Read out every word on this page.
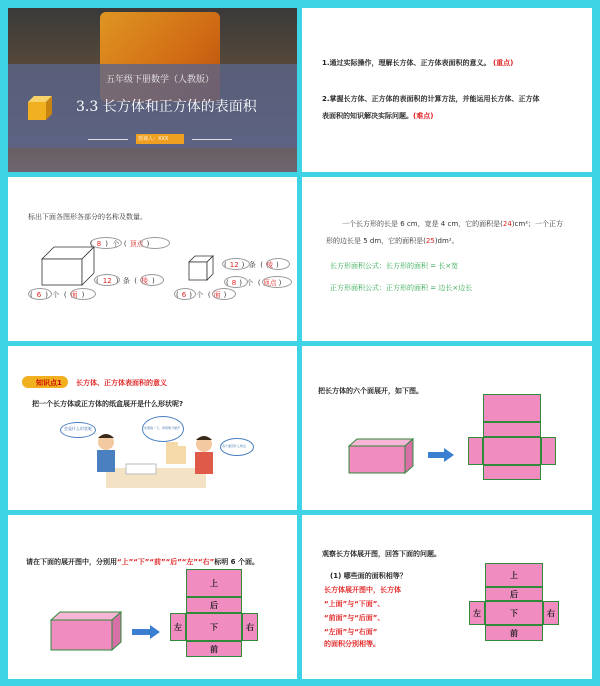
五年级下册数学（人教版）
3.3 长方体和正方体的表面积
授课人：XXX
1.通过实际操作，理解长方体、正方体表面积的意义。 (重点)
2.掌握长方体、正方体的表面积的计算方法，并能运用长方体、正方体
表面积的知识解决实际问题。(难点)
标出下面各图形各部分的名称及数量。
( 8 )  个  ( 顶点 )
( 12 )  条  ( 棱 )
( 6 )  个  ( 面 )
( 12 )  条  ( 棱 )
( 8 )  个  ( 顶点 )
( 6 )  个  ( 面 )
一个长方形的长是 6 cm，宽是 4 cm，它的面积是(24)cm²；一个正方
形的边长是 5 dm，它的面积是(25)dm²。
长方形面积公式：长方形的面积 = 长×宽
正方形面积公式：正方形的面积 = 边长×边长
知识点1 长方体、正方体表面积的意义
把一个长方体或正方体的纸盒展开是什么形状呢?
会是什么形状呢	先观察一下，再用剪刀展开
各个面有什么特点
把长方体的六个面展开，如下图。
请在下面的展开图中，分别用“上”“下”“前”“后”“左”“右”标明 6 个面。
上
后
左	下	右
前
观察长方体展开图，回答下面的问题。
(1) 哪些面的面积相等？
长方体展开图中，长方体
“上面”与“下面”、
“前面”与“后面”、
“左面”与“右面”
的面积分别相等。
上
后
左	下	右
前
